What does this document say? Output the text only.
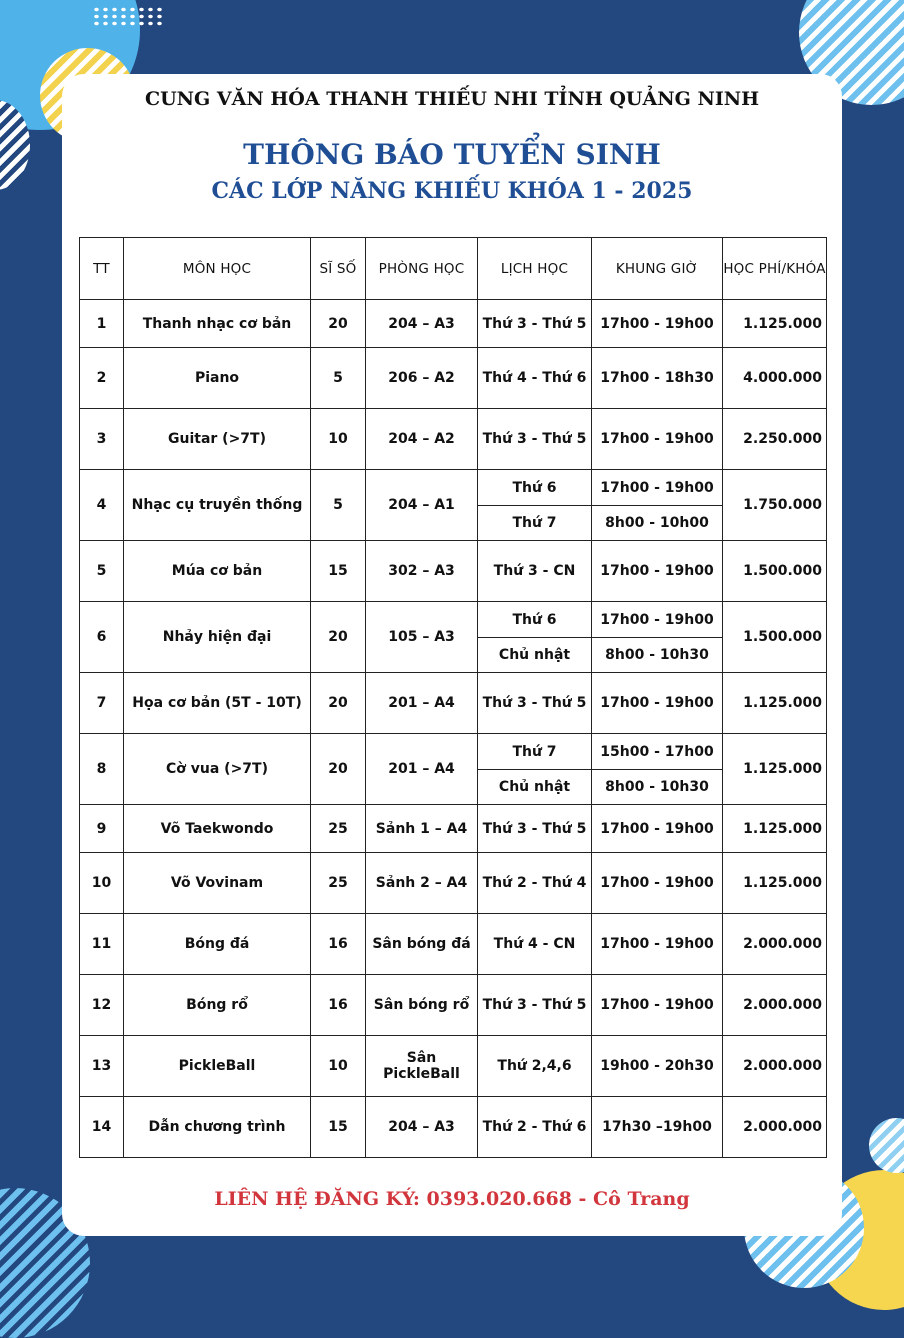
CUNG VĂN HÓA THANH THIẾU NHI TỈNH QUẢNG NINH
THÔNG BÁO TUYỂN SINH
CÁC LỚP NĂNG KHIẾU KHÓA 1 - 2025
TT	MÔN HỌC	SĨ SỐ	PHÒNG HỌC	LỊCH HỌC	KHUNG GIỜ	HỌC PHÍ/KHÓA
1	Thanh nhạc cơ bản	20	204 – A3	Thứ 3 - Thứ 5	17h00 - 19h00	1.125.000
2	Piano	5	206 – A2	Thứ 4 - Thứ 6	17h00 - 18h30	4.000.000
3	Guitar (>7T)	10	204 – A2	Thứ 3 - Thứ 5	17h00 - 19h00	2.250.000
4	Nhạc cụ truyền thống	5	204 – A1	Thứ 6	17h00 - 19h00	1.750.000
				Thứ 7	8h00 - 10h00	
5	Múa cơ bản	15	302 – A3	Thứ 3 - CN	17h00 - 19h00	1.500.000
6	Nhảy hiện đại	20	105 – A3	Thứ 6	17h00 - 19h00	1.500.000
				Chủ nhật	8h00 - 10h30	
7	Họa cơ bản (5T - 10T)	20	201 – A4	Thứ 3 - Thứ 5	17h00 - 19h00	1.125.000
8	Cờ vua (>7T)	20	201 – A4	Thứ 7	15h00 - 17h00	1.125.000
				Chủ nhật	8h00 - 10h30	
9	Võ Taekwondo	25	Sảnh 1 – A4	Thứ 3 - Thứ 5	17h00 - 19h00	1.125.000
10	Võ Vovinam	25	Sảnh 2 – A4	Thứ 2 - Thứ 4	17h00 - 19h00	1.125.000
11	Bóng đá	16	Sân bóng đá	Thứ 4 - CN	17h00 - 19h00	2.000.000
12	Bóng rổ	16	Sân bóng rổ	Thứ 3 - Thứ 5	17h00 - 19h00	2.000.000
13	PickleBall	10	Sân PickleBall	Thứ 2,4,6	19h00 - 20h30	2.000.000
14	Dẫn chương trình	15	204 – A3	Thứ 2 - Thứ 6	17h30 –19h00	2.000.000
LIÊN HỆ ĐĂNG KÝ: 0393.020.668 - Cô Trang
